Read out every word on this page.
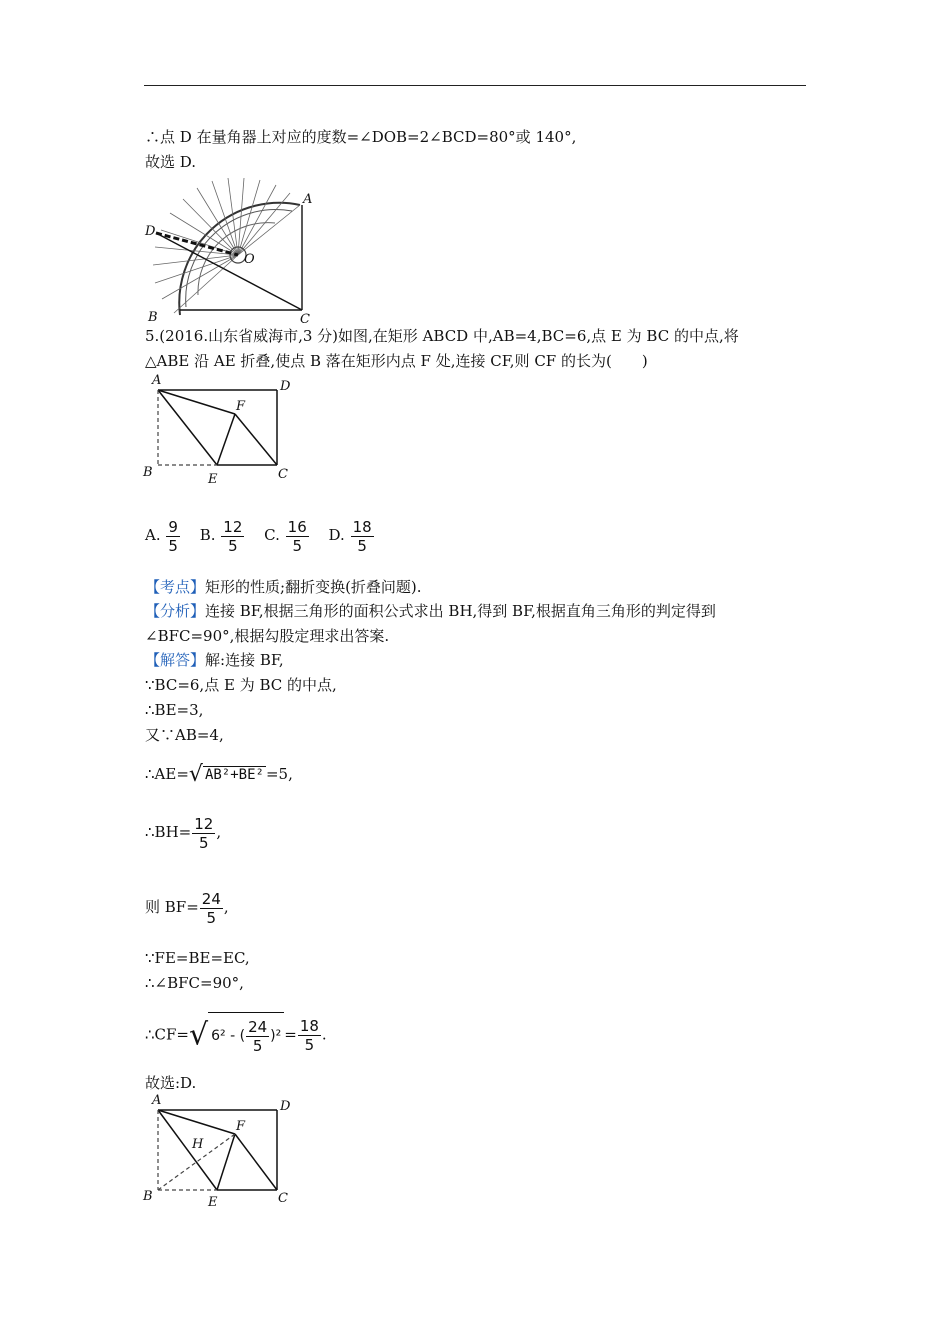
∴点 D 在量角器上对应的度数=∠DOB=2∠BCD=80°或 140°,
故选 D.
A
D
O
B	C
5.(2016.山东省威海市,3 分)如图,在矩形 ABCD 中,AB=4,BC=6,点 E 为 BC 的中点,将
△ABE 沿 AE 折叠,使点 B 落在矩形内点 F 处,连接 CF,则 CF 的长为(　　)
A	D
F
B	E	C
A. $\frac{9}{5} B$. $\frac{12}{5} C$. $\frac{16}{5} D$. $\frac{18}{5}$
【考点】矩形的性质;翻折变换(折叠问题).
【分析】连接 BF,根据三角形的面积公式求出 BH,得到 BF,根据直角三角形的判定得到
∠BFC=90°,根据勾股定理求出答案.
【解答】解:连接 BF,
∵BC=6,点 E 为 BC 的中点,
∴BE=3,
又∵AB=4,
∴AE=√ AB²+BE² =5,
∴BH= $\frac{12}{5}$ ,
则 $BF= \frac{24}{5}$ ,
∵FE=BE=EC,
∴∠BFC=90°,
∴CF=√ 6² - ( $\frac{24}{5} )^2 = \frac{18}{5}$ .
故选:D.
A	D
F
H
B	E	C
